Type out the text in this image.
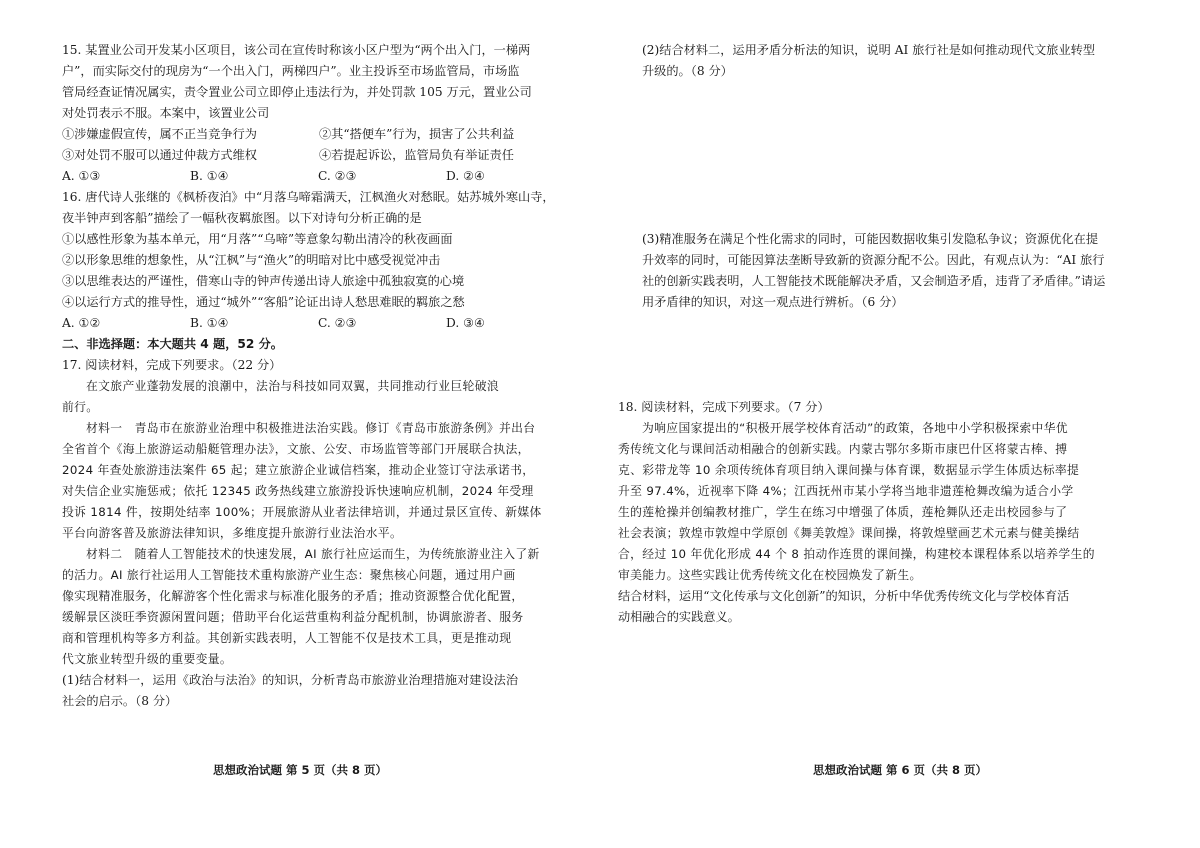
15. 某置业公司开发某小区项目，该公司在宣传时称该小区户型为“两个出入门，一梯两
户”，而实际交付的现房为“一个出入门，两梯四户”。业主投诉至市场监管局，市场监
管局经查证情况属实，责令置业公司立即停止违法行为，并处罚款 105 万元，置业公司
对处罚表示不服。本案中，该置业公司
①涉嫌虚假宣传，属不正当竞争行为	②其“搭便车”行为，损害了公共利益
③对处罚不服可以通过仲裁方式维权	④若提起诉讼，监管局负有举证责任
A. ①③	B. ①④	C. ②③	D. ②④
16. 唐代诗人张继的《枫桥夜泊》中“月落乌啼霜满天，江枫渔火对愁眠。姑苏城外寒山寺，
夜半钟声到客船”描绘了一幅秋夜羁旅图。以下对诗句分析正确的是
①以感性形象为基本单元，用“月落”“乌啼”等意象勾勒出清冷的秋夜画面
②以形象思维的想象性，从“江枫”与“渔火”的明暗对比中感受视觉冲击
③以思维表达的严谨性，借寒山寺的钟声传递出诗人旅途中孤独寂寞的心境
④以运行方式的推导性，通过“城外”“客船”论证出诗人愁思难眠的羁旅之愁
A. ①②	B. ①④	C. ②③	D. ③④
二、非选择题：本大题共 4 题，52 分。
17. 阅读材料，完成下列要求。（22 分）
在文旅产业蓬勃发展的浪潮中，法治与科技如同双翼，共同推动行业巨轮破浪
前行。
材料一　青岛市在旅游业治理中积极推进法治实践。修订《青岛市旅游条例》并出台
全省首个《海上旅游运动船艇管理办法》，文旅、公安、市场监管等部门开展联合执法，
2024 年查处旅游违法案件 65 起；建立旅游企业诚信档案，推动企业签订守法承诺书，
对失信企业实施惩戒；依托 12345 政务热线建立旅游投诉快速响应机制，2024 年受理
投诉 1814 件，按期处结率 100%；开展旅游从业者法律培训，并通过景区宣传、新媒体
平台向游客普及旅游法律知识，多维度提升旅游行业法治水平。
材料二　随着人工智能技术的快速发展，AI 旅行社应运而生，为传统旅游业注入了新
的活力。AI 旅行社运用人工智能技术重构旅游产业生态：聚焦核心问题，通过用户画
像实现精准服务，化解游客个性化需求与标准化服务的矛盾；推动资源整合优化配置，
缓解景区淡旺季资源闲置问题；借助平台化运营重构利益分配机制，协调旅游者、服务
商和管理机构等多方利益。其创新实践表明，人工智能不仅是技术工具，更是推动现
代文旅业转型升级的重要变量。
(1)结合材料一，运用《政治与法治》的知识，分析青岛市旅游业治理措施对建设法治
社会的启示。（8 分）
思想政治试题 第 5 页（共 8 页）
(2)结合材料二，运用矛盾分析法的知识，说明 AI 旅行社是如何推动现代文旅业转型
升级的。（8 分）
(3)精准服务在满足个性化需求的同时，可能因数据收集引发隐私争议；资源优化在提
升效率的同时，可能因算法垄断导致新的资源分配不公。因此，有观点认为：“AI 旅行
社的创新实践表明，人工智能技术既能解决矛盾，又会制造矛盾，违背了矛盾律。”请运
用矛盾律的知识，对这一观点进行辨析。（6 分）
18. 阅读材料，完成下列要求。（7 分）
为响应国家提出的“积极开展学校体育活动”的政策，各地中小学积极探索中华优
秀传统文化与课间活动相融合的创新实践。内蒙古鄂尔多斯市康巴什区将蒙古棒、搏
克、彩带龙等 10 余项传统体育项目纳入课间操与体育课，数据显示学生体质达标率提
升至 97.4%，近视率下降 4%；江西抚州市某小学将当地非遗莲枪舞改编为适合小学
生的莲枪操并创编教材推广，学生在练习中增强了体质，莲枪舞队还走出校园参与了
社会表演；敦煌市敦煌中学原创《舞美敦煌》课间操，将敦煌壁画艺术元素与健美操结
合，经过 10 年优化形成 44 个 8 拍动作连贯的课间操，构建校本课程体系以培养学生的
审美能力。这些实践让优秀传统文化在校园焕发了新生。
结合材料，运用“文化传承与文化创新”的知识，分析中华优秀传统文化与学校体育活
动相融合的实践意义。
思想政治试题 第 6 页（共 8 页）
